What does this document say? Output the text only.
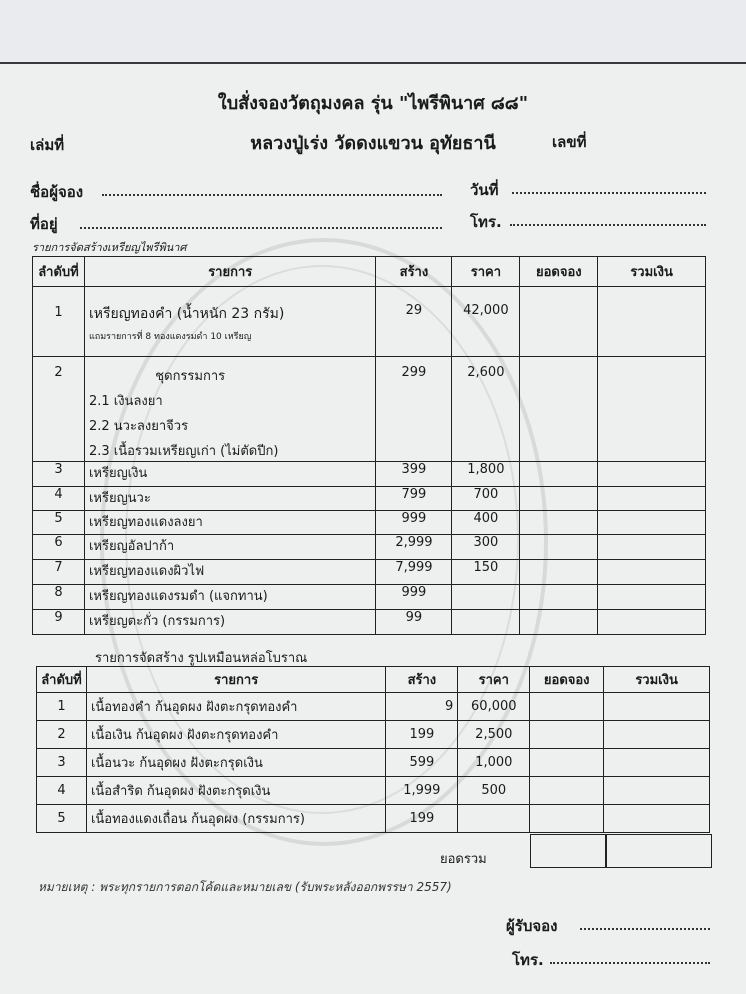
ใบสั่งจองวัตถุมงคล รุ่น "ไพรีพินาศ ๘๘"
หลวงปู่เร่ง วัดดงแขวน อุทัยธานี
เล่มที่	เลขที่
ชื่อผู้จอง	วันที่
ที่อยู่	โทร.
รายการจัดสร้างเหรียญไพรีพินาศ
ลำดับที่	รายการ	สร้าง	ราคา	ยอดจอง	รวมเงิน
1	เหรียญทองคำ (น้ำหนัก 23 กรัม)
แถมรายการที่ 8 ทองแดงรมดำ 10 เหรียญ	29	42,000		
2	ชุดกรรมการ
2.1 เงินลงยา
2.2 นวะลงยาจีวร
2.3 เนื้อรวมเหรียญเก่า (ไม่ตัดปีก)	299	2,600		
3	เหรียญเงิน	399	1,800		
4	เหรียญนวะ	799	700		
5	เหรียญทองแดงลงยา	999	400		
6	เหรียญอัลปาก้า	2,999	300		
7	เหรียญทองแดงผิวไฟ	7,999	150		
8	เหรียญทองแดงรมดำ (แจกทาน)	999			
9	เหรียญตะกั่ว (กรรมการ)	99			
รายการจัดสร้าง รูปเหมือนหล่อโบราณ
ลำดับที่	รายการ	สร้าง	ราคา	ยอดจอง	รวมเงิน
1	เนื้อทองคำ ก้นอุดผง ฝังตะกรุดทองคำ	9	60,000		
2	เนื้อเงิน ก้นอุดผง ฝังตะกรุดทองคำ	199	2,500		
3	เนื้อนวะ ก้นอุดผง ฝังตะกรุดเงิน	599	1,000		
4	เนื้อสำริด ก้นอุดผง ฝังตะกรุดเงิน	1,999	500		
5	เนื้อทองแดงเถื่อน ก้นอุดผง (กรรมการ)	199			
ยอดรวม
หมายเหตุ : พระทุกรายการตอกโค้ดและหมายเลข (รับพระหลังออกพรรษา 2557)
ผู้รับจอง
โทร.
